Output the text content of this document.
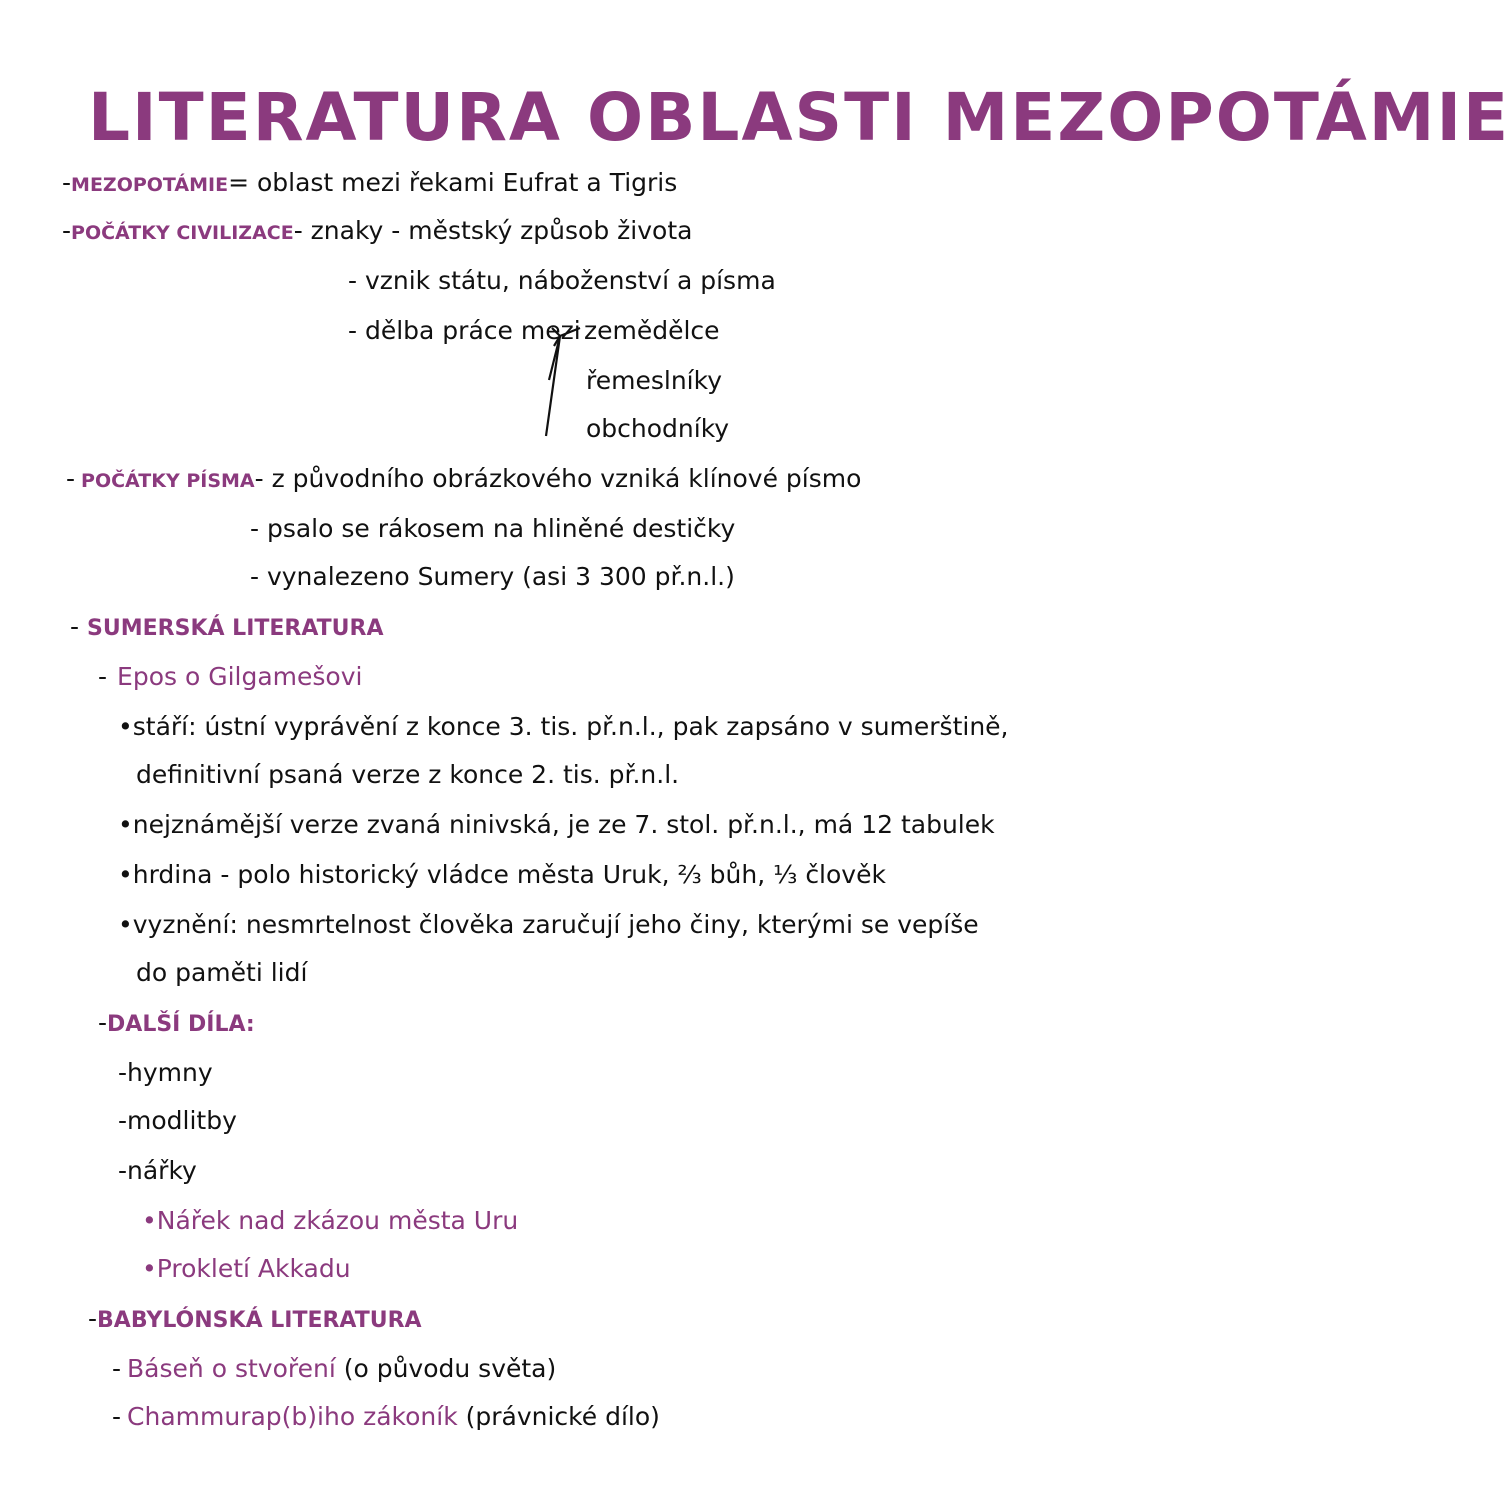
LITERATURA OBLASTI MEZOPOTÁMIE
-MEZOPOTÁMIE= oblast mezi řekami Eufrat a Tigris
-POČÁTKY CIVILIZACE- znaky - městský způsob života
- vznik státu, náboženství a písma
- dělba práce mezi zemědělce
řemeslníky
obchodníky
- POČÁTKY PÍSMA- z původního obrázkového vzniká klínové písmo
- psalo se rákosem na hliněné destičky
- vynalezeno Sumery (asi 3 300 př.n.l.)
- SUMERSKÁ LITERATURA
- Epos o Gilgamešovi
•stáří: ústní vyprávění z konce 3. tis. př.n.l., pak zapsáno v sumerštině,
definitivní psaná verze z konce 2. tis. př.n.l.
•nejznámější verze zvaná ninivská, je ze 7. stol. př.n.l., má 12 tabulek
•hrdina - polo historický vládce města Uruk, ⅔ bůh, ⅓ člověk
•vyznění: nesmrtelnost člověka zaručují jeho činy, kterými se vepíše
do paměti lidí
-DALŠÍ DÍLA:
-hymny
-modlitby
-nářky
•Nářek nad zkázou města Uru
•Prokletí Akkadu
-BABYLÓNSKÁ LITERATURA
- Báseň o stvoření (o původu světa)
- Chammurap(b)iho zákoník (právnické dílo)
